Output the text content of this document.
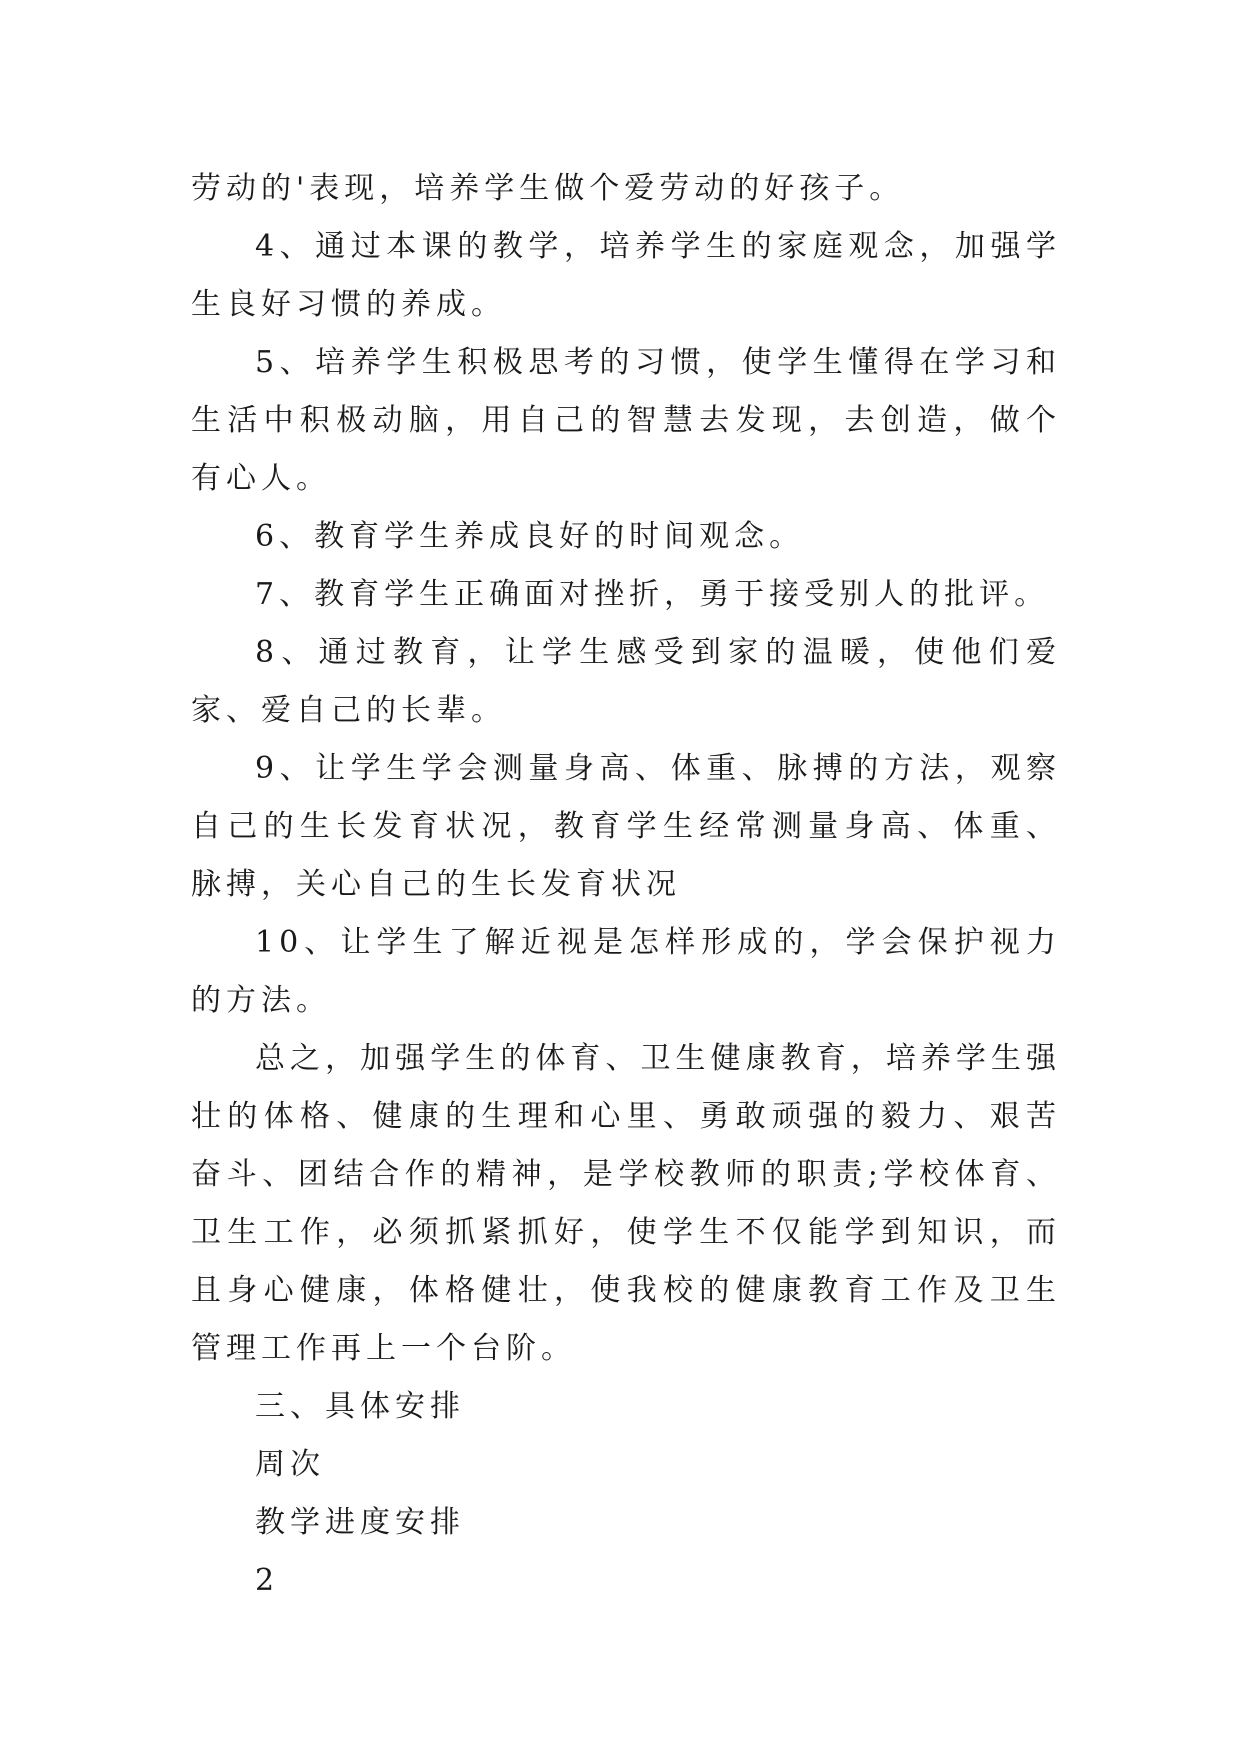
劳动的'表现，培养学生做个爱劳动的好孩子。

4、通过本课的教学，培养学生的家庭观念，加强学生良好习惯的养成。

5、培养学生积极思考的习惯，使学生懂得在学习和生活中积极动脑，用自己的智慧去发现，去创造，做个有心人。

6、教育学生养成良好的时间观念。

7、教育学生正确面对挫折，勇于接受别人的批评。

8、通过教育，让学生感受到家的温暖，使他们爱家、爱自己的长辈。

9、让学生学会测量身高、体重、脉搏的方法，观察自己的生长发育状况，教育学生经常测量身高、体重、脉搏，关心自己的生长发育状况

10、让学生了解近视是怎样形成的，学会保护视力的方法。

总之，加强学生的体育、卫生健康教育，培养学生强壮的体格、健康的生理和心里、勇敢顽强的毅力、艰苦奋斗、团结合作的精神，是学校教师的职责;学校体育、卫生工作，必须抓紧抓好，使学生不仅能学到知识，而且身心健康，体格健壮，使我校的健康教育工作及卫生管理工作再上一个台阶。

三、具体安排

周次

教学进度安排

2
